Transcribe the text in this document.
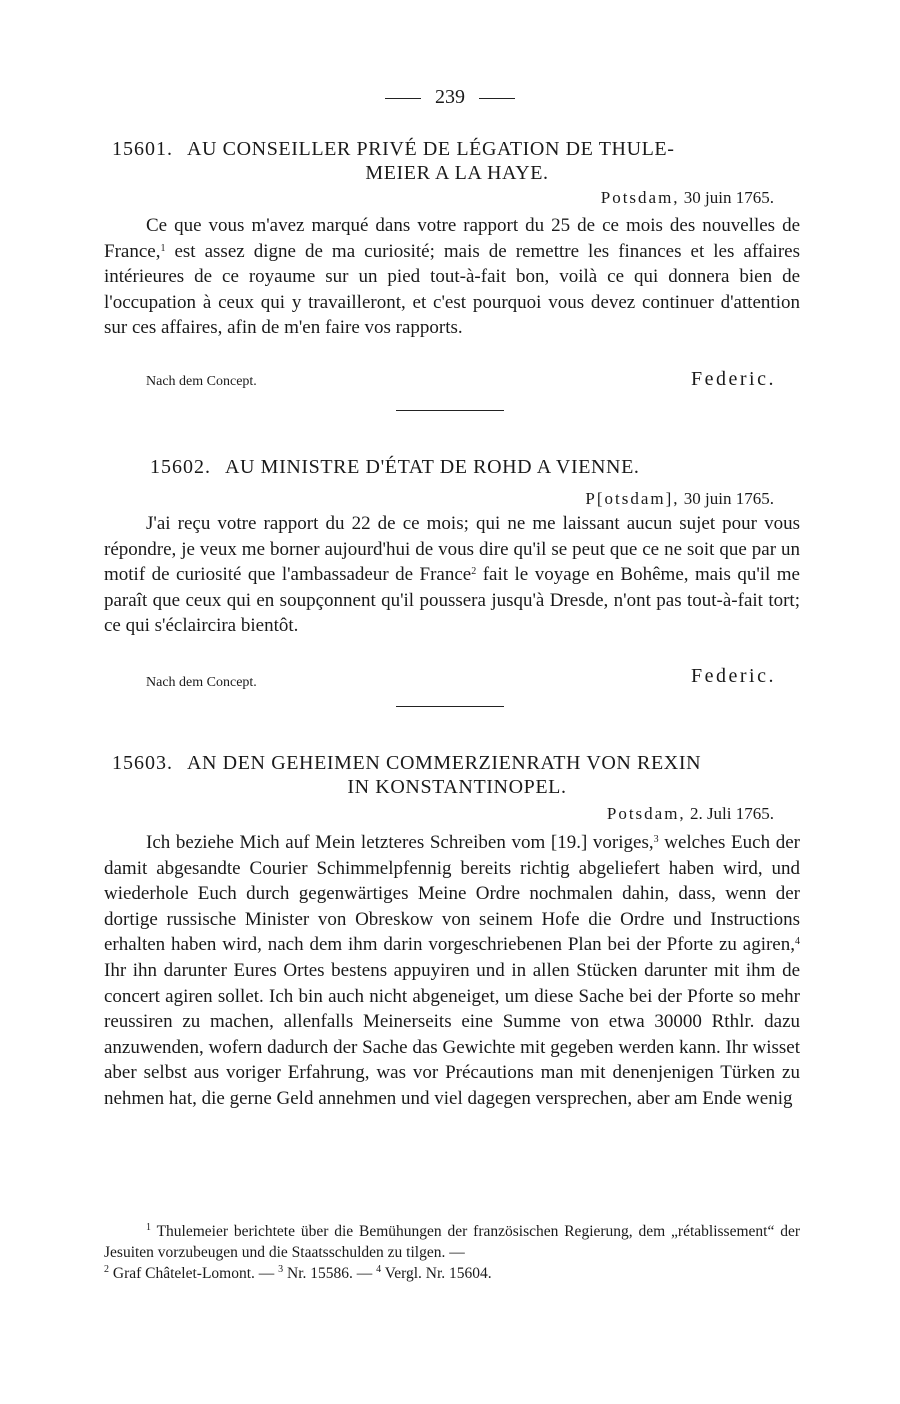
239
15601. AU CONSEILLER PRIVÉ DE LÉGATION DE THULE-
MEIER A LA HAYE.
Potsdam, 30 juin 1765.

Ce que vous m'avez marqué dans votre rapport du 25 de ce mois des nouvelles de France,$^1$ est assez digne de ma curiosité; mais de remettre les finances et les affaires intérieures de ce royaume sur un pied tout-à-fait bon, voilà ce qui donnera bien de l'occupation à ceux qui y travailleront, et c'est pourquoi vous devez continuer d'attention sur ces affaires, afin de m'en faire vos rapports.

Nach dem Concept.	Federic.
15602. AU MINISTRE D'ÉTAT DE ROHD A VIENNE.
P[otsdam], 30 juin 1765.

J'ai reçu votre rapport du 22 de ce mois; qui ne me laissant aucun sujet pour vous répondre, je veux me borner aujourd'hui de vous dire qu'il se peut que ce ne soit que par un motif de curiosité que l'ambassadeur de France$^2$ fait le voyage en Bohême, mais qu'il me paraît que ceux qui en soupçonnent qu'il poussera jusqu'à Dresde, n'ont pas tout-à-fait tort; ce qui s'éclaircira bientôt.

Nach dem Concept.	Federic.
15603. AN DEN GEHEIMEN COMMERZIENRATH VON REXIN
IN KONSTANTINOPEL.
Potsdam, 2. Juli 1765.

Ich beziehe Mich auf Mein letzteres Schreiben vom [19.] voriges,$^3$ welches Euch der damit abgesandte Courier Schimmelpfennig bereits richtig abgeliefert haben wird, und wiederhole Euch durch gegenwärtiges Meine Ordre nochmalen dahin, dass, wenn der dortige russische Minister von Obreskow von seinem Hofe die Ordre und Instructions erhalten haben wird, nach dem ihm darin vorgeschriebenen Plan bei der Pforte zu agiren,$^4$ Ihr ihn darunter Eures Ortes bestens appuyiren und in allen Stücken darunter mit ihm de concert agiren sollet. Ich bin auch nicht abgeneiget, um diese Sache bei der Pforte so mehr reussiren zu machen, allenfalls Meinerseits eine Summe von etwa 30000 Rthlr. dazu anzuwenden, wofern dadurch der Sache das Gewichte mit gegeben werden kann. Ihr wisset aber selbst aus voriger Erfahrung, was vor Précautions man mit denenjenigen Türken zu nehmen hat, die gerne Geld annehmen und viel dagegen versprechen, aber am Ende wenig

$^1$ Thulemeier berichtete über die Bemühungen der französischen Regierung, dem „rétablissement“ der Jesuiten vorzubeugen und die Staatsschulden zu tilgen. —
$^2$ Graf Châtelet-Lomont. — $^3$ Nr. 15586. — $^4$ Vergl. Nr. 15604.
